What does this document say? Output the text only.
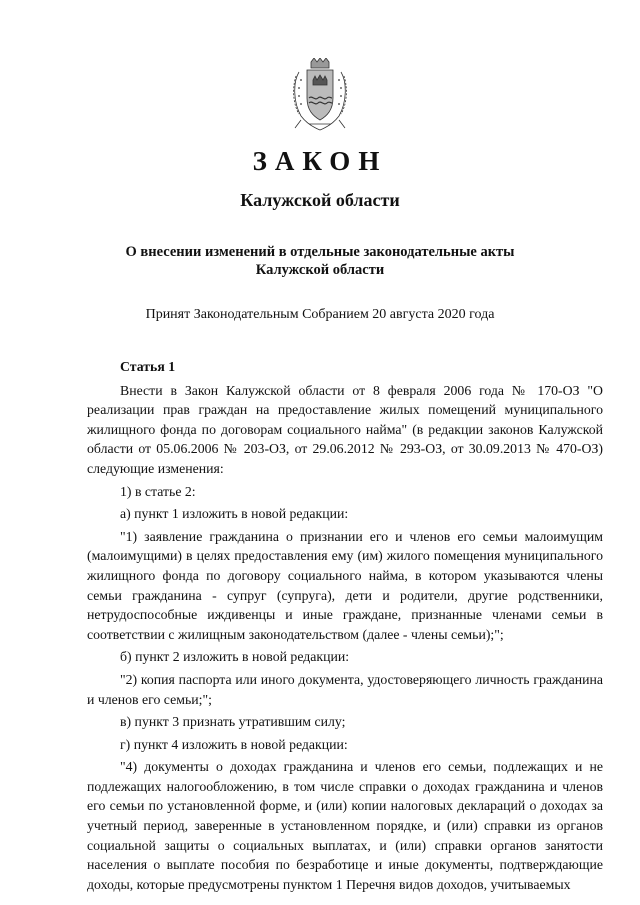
ЗАКОН
Калужской области
О внесении изменений в отдельные законодательные акты
Калужской области
Принят Законодательным Собранием 20 августа 2020 года
Статья 1

Внести в Закон Калужской области от 8 февраля 2006 года № 170-ОЗ "О реализации прав граждан на предоставление жилых помещений муниципального жилищного фонда по договорам социального найма" (в редакции законов Калужской области от 05.06.2006 № 203-ОЗ, от 29.06.2012 № 293-ОЗ, от 30.09.2013 № 470-ОЗ) следующие изменения:

1) в статье 2:

а) пункт 1 изложить в новой редакции:

"1) заявление гражданина о признании его и членов его семьи малоимущим (малоимущими) в целях предоставления ему (им) жилого помещения муниципального жилищного фонда по договору социального найма, в котором указываются члены семьи гражданина - супруг (супруга), дети и родители, другие родственники, нетрудоспособные иждивенцы и иные граждане, признанные членами семьи в соответствии с жилищным законодательством (далее - члены семьи);";

б) пункт 2 изложить в новой редакции:

"2) копия паспорта или иного документа, удостоверяющего личность гражданина и членов его семьи;";

в) пункт 3 признать утратившим силу;

г) пункт 4 изложить в новой редакции:

"4) документы о доходах гражданина и членов его семьи, подлежащих и не подлежащих налогообложению, в том числе справки о доходах гражданина и членов его семьи по установленной форме, и (или) копии налоговых деклараций о доходах за учетный период, заверенные в установленном порядке, и (или) справки из органов социальной защиты о социальных выплатах, и (или) справки органов занятости населения о выплате пособия по безработице и иные документы, подтверждающие доходы, которые предусмотрены пунктом 1 Перечня видов доходов, учитываемых
